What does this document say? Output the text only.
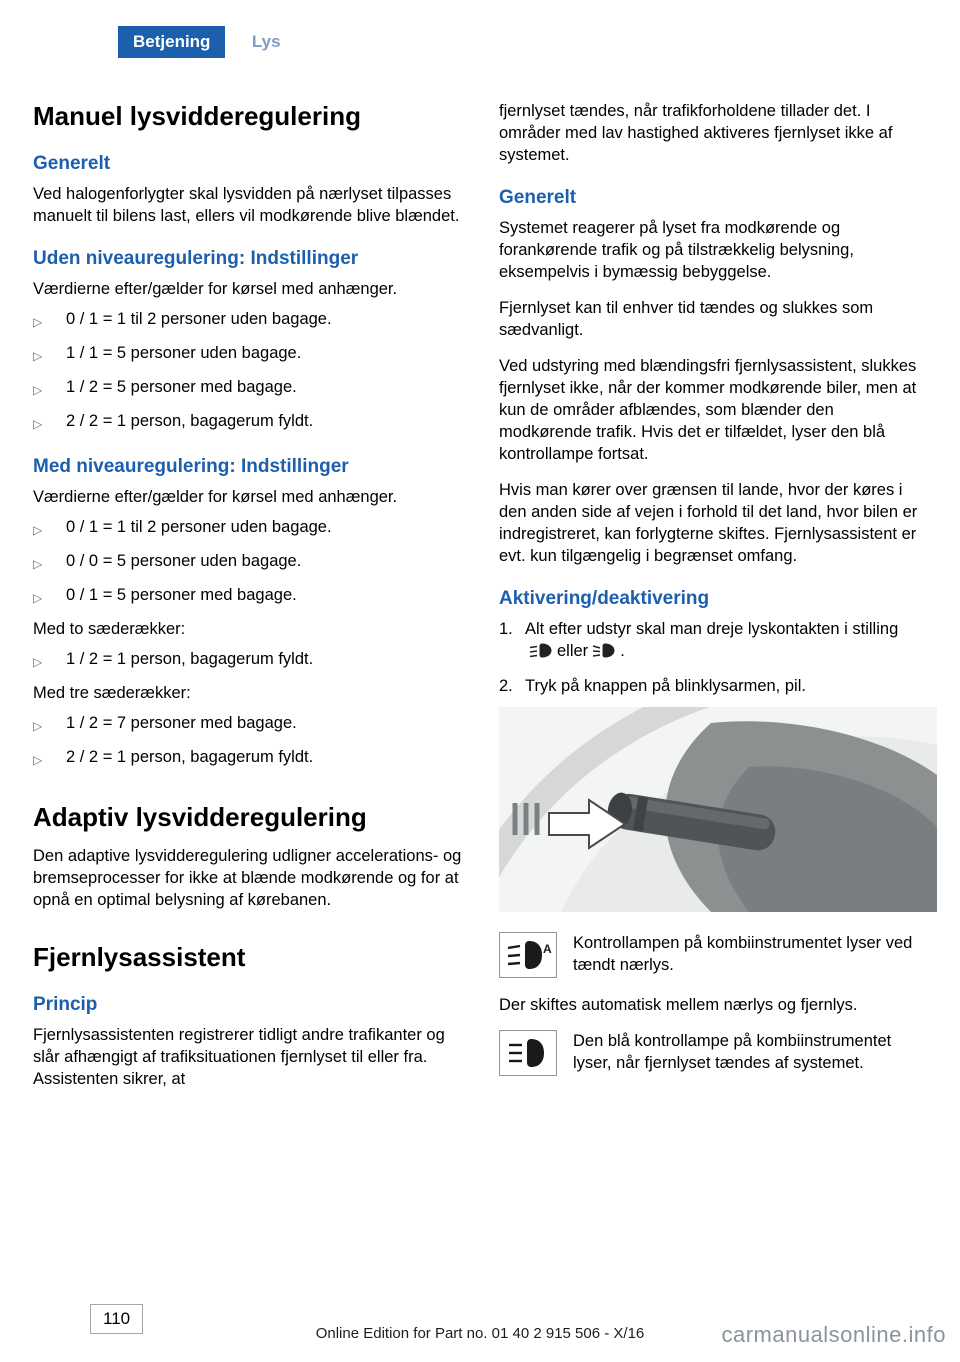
Betjening Lys
Manuel lysvidderegulering
Generelt

Ved halogenforlygter skal lysvidden på nærlyset tilpasses manuelt til bilens last, ellers vil modkørende blive blændet.

Uden niveauregulering: Indstillinger

Værdierne efter/gælder for kørsel med anhænger.

▷	0 / 1 = 1 til 2 personer uden bagage.
▷	1 / 1 = 5 personer uden bagage.
▷	1 / 2 = 5 personer med bagage.
▷	2 / 2 = 1 person, bagagerum fyldt.
Med niveauregulering: Indstillinger

Værdierne efter/gælder for kørsel med anhænger.

▷	0 / 1 = 1 til 2 personer uden bagage.
▷	0 / 0 = 5 personer uden bagage.
▷	0 / 1 = 5 personer med bagage.

Med to sæderækker:

▷	1 / 2 = 1 person, bagagerum fyldt.

Med tre sæderækker:

▷	1 / 2 = 7 personer med bagage.
▷	2 / 2 = 1 person, bagagerum fyldt.
Adaptiv lysvidderegulering

Den adaptive lysvidderegulering udligner accelerations- og bremseprocesser for ikke at blænde modkørende og for at opnå en optimal belysning af kørebanen.

Fjernlysassistent
Princip

Fjernlysassistenten registrerer tidligt andre trafikanter og slår afhængigt af trafiksituationen fjernlyset til eller fra. Assistenten sikrer, at

fjernlyset tændes, når trafikforholdene tillader det. I områder med lav hastighed aktiveres fjernlyset ikke af systemet.

Generelt

Systemet reagerer på lyset fra modkørende og forankørende trafik og på tilstrækkelig belysning, eksempelvis i bymæssig bebyggelse.

Fjernlyset kan til enhver tid tændes og slukkes som sædvanligt.

Ved udstyring med blændingsfri fjernlysassistent, slukkes fjernlyset ikke, når der kommer modkørende biler, men at kun de områder afblændes, som blænder den modkørende trafik. Hvis det er tilfældet, lyser den blå kontrollampe fortsat.

Hvis man kører over grænsen til lande, hvor der køres i den anden side af vejen i forhold til det land, hvor bilen er indregistreret, kan forlygterne skiftes. Fjernlysassistent er evt. kun tilgængelig i begrænset omfang.

Aktivering/deaktivering
1. Alt efter udstyr skal man dreje lyskontakten i stillingeller .
2. Tryk på knappen på blinklysarmen, pil.
A Kontrollampen på kombiinstrumentet lyser ved tændt nærlys.

Der skiftes automatisk mellem nærlys og fjernlys.

Den blå kontrollampe på kombiinstrumentet lyser, når fjernlyset tændes af systemet.

110
Online Edition for Part no. 01 40 2 915 506 - X/16	carmanualsonline.info
